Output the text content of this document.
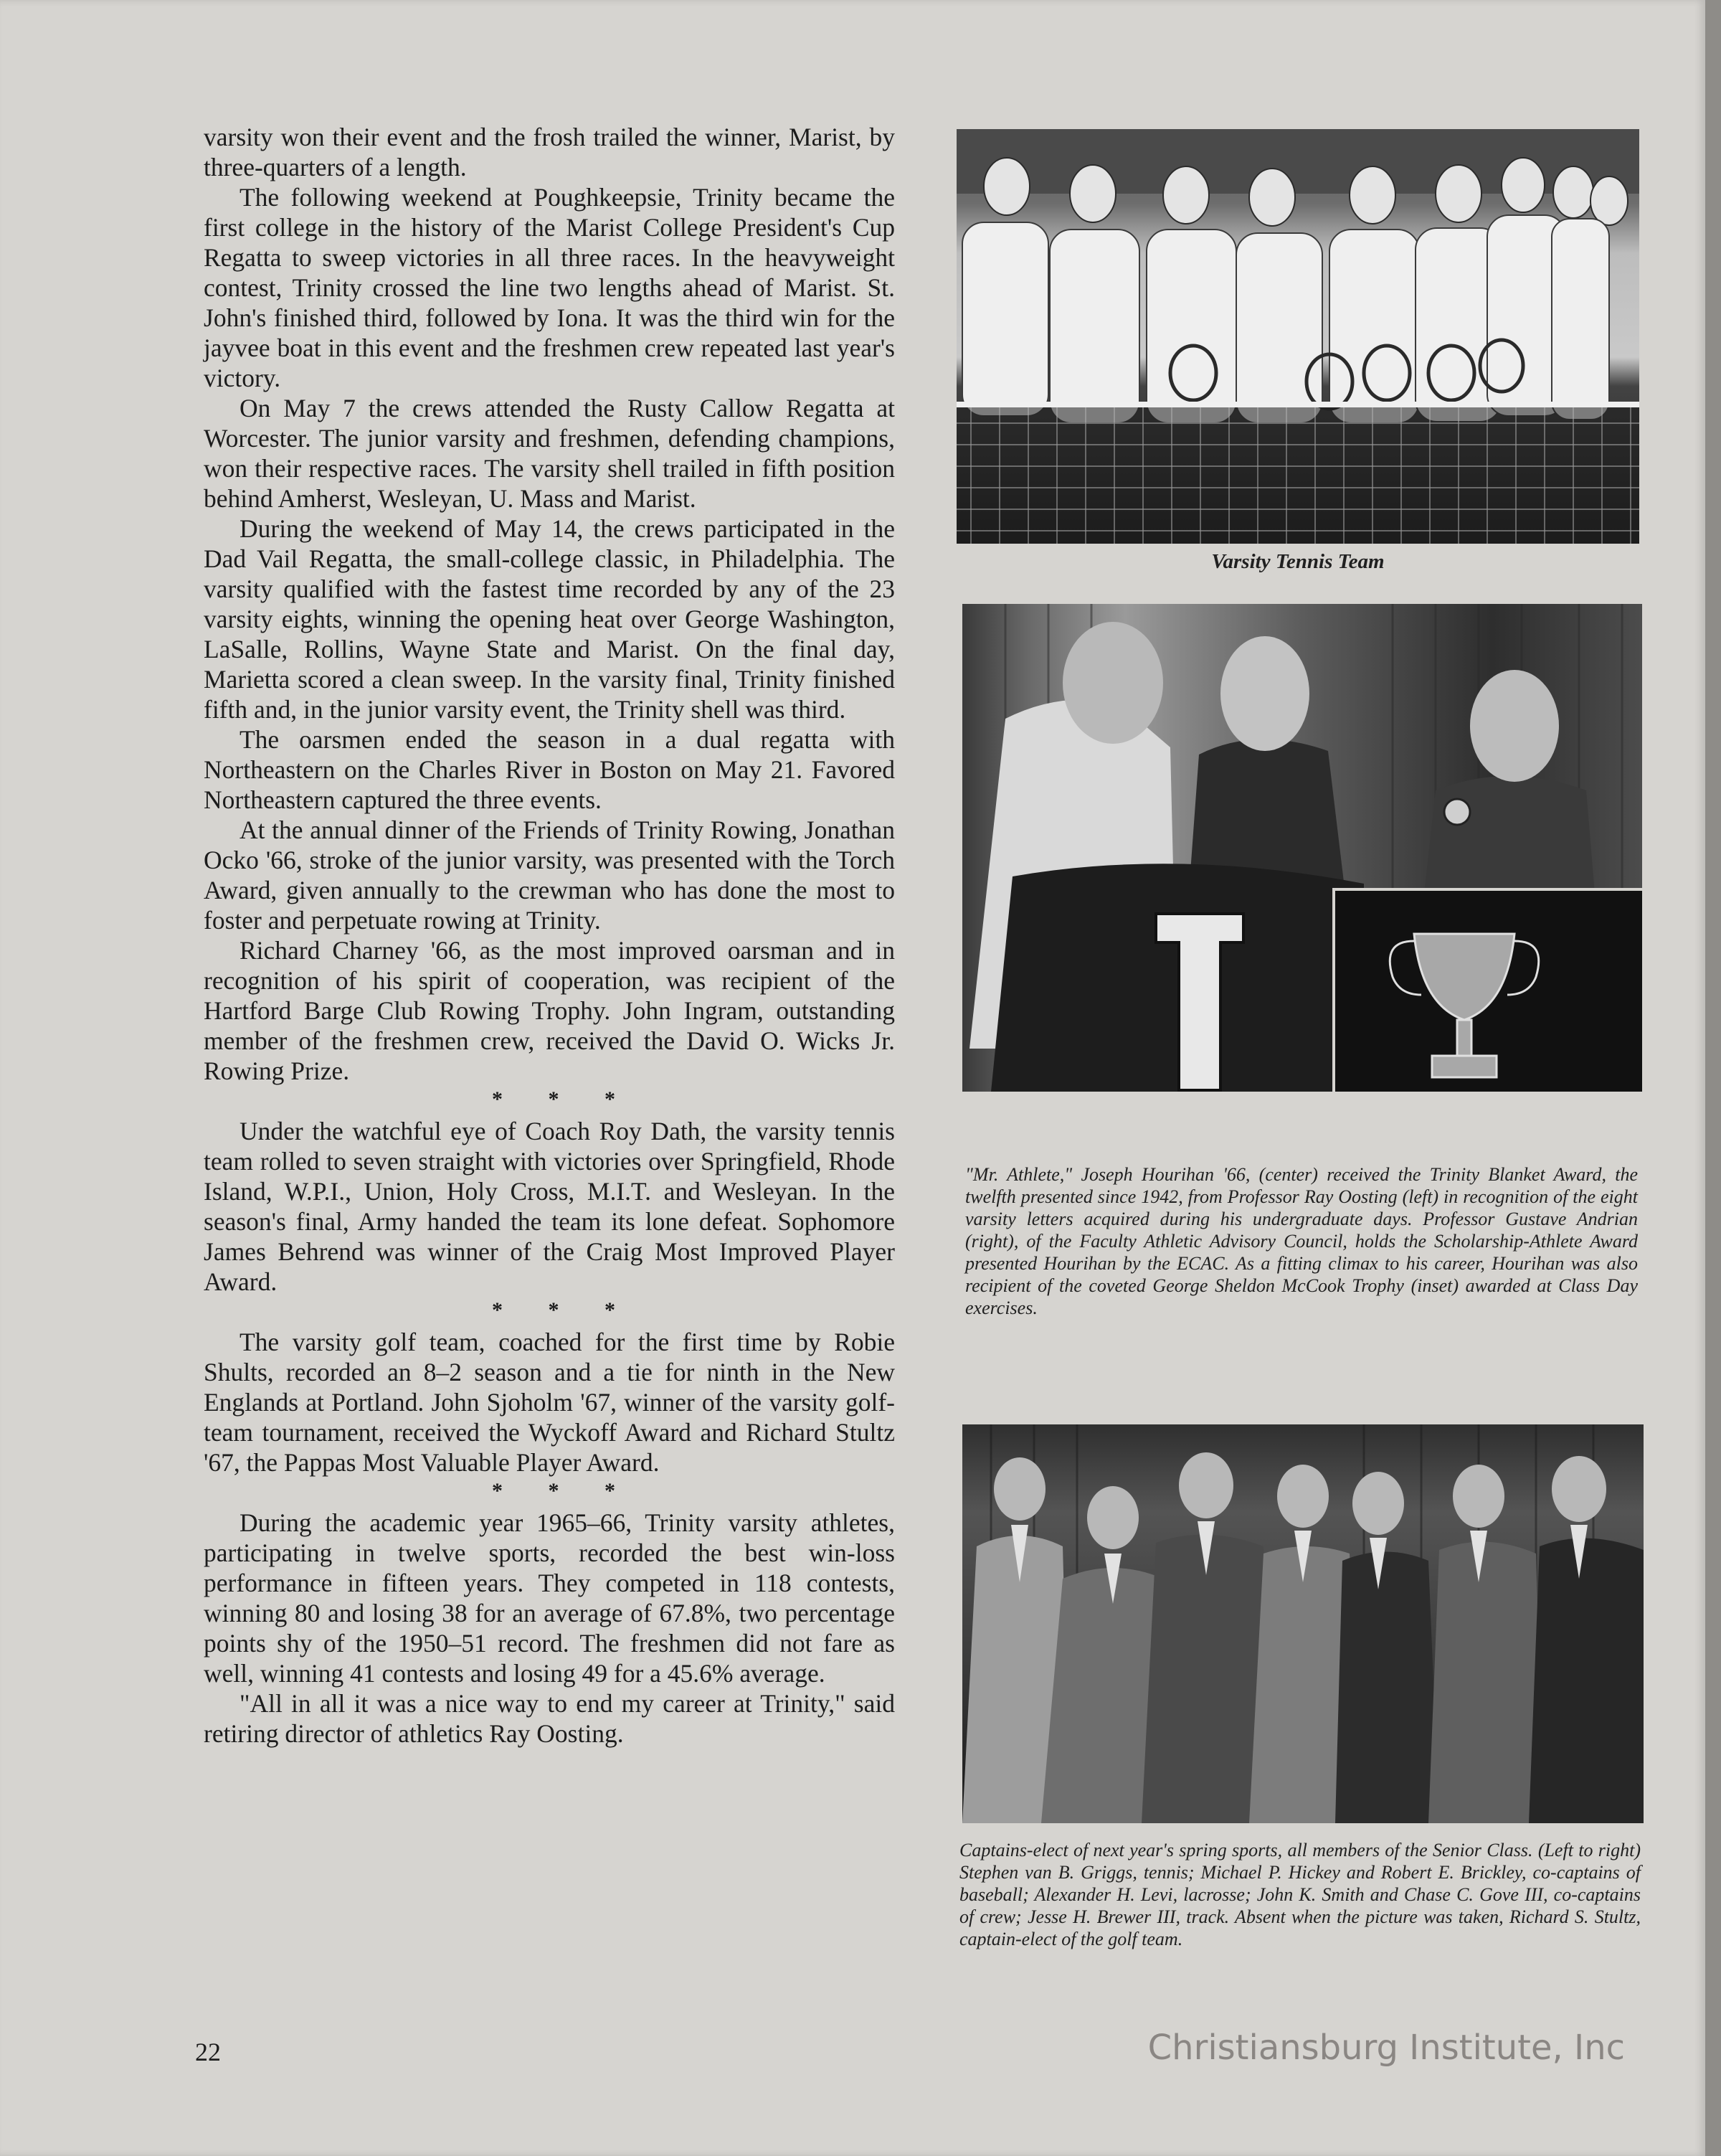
varsity won their event and the frosh trailed the winner, Marist, by three-quarters of a length.

The following weekend at Poughkeepsie, Trinity became the first college in the history of the Marist College President's Cup Regatta to sweep victories in all three races. In the heavyweight contest, Trinity crossed the line two lengths ahead of Marist. St. John's finished third, followed by Iona. It was the third win for the jayvee boat in this event and the freshmen crew repeated last year's victory.

On May 7 the crews attended the Rusty Callow Regatta at Worcester. The junior varsity and freshmen, defending champions, won their respective races. The varsity shell trailed in fifth position behind Amherst, Wesleyan, U. Mass and Marist.

During the weekend of May 14, the crews participated in the Dad Vail Regatta, the small-college classic, in Philadelphia. The varsity qualified with the fastest time recorded by any of the 23 varsity eights, winning the opening heat over George Washington, LaSalle, Rollins, Wayne State and Marist. On the final day, Marietta scored a clean sweep. In the varsity final, Trinity finished fifth and, in the junior varsity event, the Trinity shell was third.

The oarsmen ended the season in a dual regatta with Northeastern on the Charles River in Boston on May 21. Favored Northeastern captured the three events.

At the annual dinner of the Friends of Trinity Rowing, Jonathan Ocko '66, stroke of the junior varsity, was presented with the Torch Award, given annually to the crewman who has done the most to foster and perpetuate rowing at Trinity.

Richard Charney '66, as the most improved oarsman and in recognition of his spirit of cooperation, was recipient of the Hartford Barge Club Rowing Trophy. John Ingram, outstanding member of the freshmen crew, received the David O. Wicks Jr. Rowing Prize.

* * *

Under the watchful eye of Coach Roy Dath, the varsity tennis team rolled to seven straight with victories over Springfield, Rhode Island, W.P.I., Union, Holy Cross, M.I.T. and Wesleyan. In the season's final, Army handed the team its lone defeat. Sophomore James Behrend was winner of the Craig Most Improved Player Award.

* * *

The varsity golf team, coached for the first time by Robie Shults, recorded an 8–2 season and a tie for ninth in the New Englands at Portland. John Sjoholm '67, winner of the varsity golf-team tournament, received the Wyckoff Award and Richard Stultz '67, the Pappas Most Valuable Player Award.

* * *

During the academic year 1965–66, Trinity varsity athletes, participating in twelve sports, recorded the best win-loss performance in fifteen years. They competed in 118 contests, winning 80 and losing 38 for an average of 67.8%, two percentage points shy of the 1950–51 record. The freshmen did not fare as well, winning 41 contests and losing 49 for a 45.6% average.

"All in all it was a nice way to end my career at Trinity," said retiring director of athletics Ray Oosting.

Varsity Tennis Team

T

"Mr. Athlete," Joseph Hourihan '66, (center) received the Trinity Blanket Award, the twelfth presented since 1942, from Professor Ray Oosting (left) in recognition of the eight varsity letters acquired during his undergraduate days. Professor Gustave Andrian (right), of the Faculty Athletic Advisory Council, holds the Scholarship-Athlete Award presented Hourihan by the ECAC. As a fitting climax to his career, Hourihan was also recipient of the coveted George Sheldon McCook Trophy (inset) awarded at Class Day exercises.

Captains-elect of next year's spring sports, all members of the Senior Class. (Left to right) Stephen van B. Griggs, tennis; Michael P. Hickey and Robert E. Brickley, co-captains of baseball; Alexander H. Levi, lacrosse; John K. Smith and Chase C. Gove III, co-captains of crew; Jesse H. Brewer III, track. Absent when the picture was taken, Richard S. Stultz, captain-elect of the golf team.

22	Christiansburg Institute, Inc
